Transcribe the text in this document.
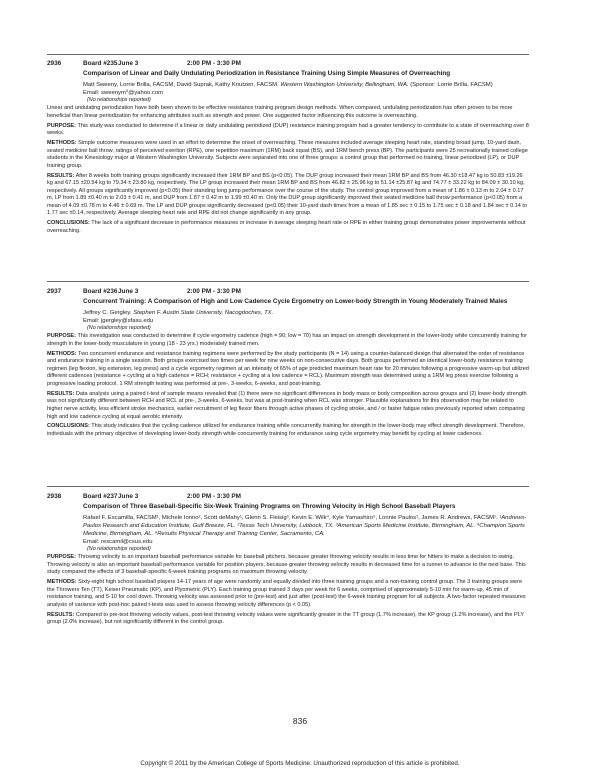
2936	Board #235 June 3	2:00 PM - 3:30 PM
Comparison of Linear and Daily Undulating Periodization in Resistance Training Using Simple Measures of Overreaching
Matt Sweeny, Lorrie Brilla, FACSM, David Suprak, Kathy Knutzen, FACSM. Western Washington University, Bellingham, WA. (Sponsor: Lorrie Brilla, FACSM)
Email: sweenym⁰@yahoo.com
(No relationships reported)

Linear and undulating periodization have both been shown to be effective resistance training program design methods. When compared, undulating periodization has often proven to be more beneficial than linear periodization for enhancing attributes such as strength and power. One suggested factor influencing this outcome is overreaching.

PURPOSE: This study was conducted to determine if a linear or daily undulating periodized (DUP) resistance training program had a greater tendency to contribute to a state of overreaching over 8 weeks.

METHODS: Simple outcome measures were used in an effort to determine the onset of overreaching. These measures included average sleeping heart rate, standing broad jump, 10-yard dash, seated medicine ball throw, ratings of perceived exertion (RPE), one repetition maximum (1RM) back squat (BS), and 1RM bench press (BP). The participants were 25 recreationally trained college students in the Kinesiology major at Western Washington University. Subjects were separated into one of three groups: a control group that performed no training, linear periodized (LP), or DUP training group.

RESULTS: After 8 weeks both training groups significantly increased their 1RM BP and BS (p<0.05). The DUP group increased their mean 1RM BP and BS from 46.30 ±18.47 kg to 50.83 ±19.26 kg and 67.15 ±20.54 kg to 79.34 ± 23.80 kg, respectively. The LP group increased their mean 1RM BP and BS from 46.82 ± 25.96 kg to 51.14 ±25.87 kg and 74.77 ± 33.22 kg to 84.09 ± 30.10 kg, respectively. All groups significantly improved (p<0.05) their standing long jump performance over the course of the study. The control group improved from a mean of 1.86 ± 0.13 m to 2.04 ± 0.17 m, LP from 1.89 ±0.40 m to 2.03 ± 0.41 m, and DUP from 1.87 ± 0.42 m to 1.99 ±0.40 m. Only the DUP group significantly improved their seated medicine ball throw performance (p<0.05) from a mean of 4.09 ±0.78 m to 4.46 ± 0.69 m. The LP and DUP groups significantly decreased (p<0.05) their 10-yard dash times from a mean of 1.85 sec ± 0.15 to 1.75 sec ± 0.18 and 1.84 sec ± 0.14 to 1.77 sec ±0.14, respectively. Average sleeping heart rate and RPE did not change significantly in any group.

CONCLUSIONS: The lack of a significant decrease in performance measures or increase in average sleeping heart rate or RPE in either training group demonstrates power improvements without overreaching.

2937	Board #236 June 3	2:00 PM - 3:30 PM
Concurrent Training: A Comparison of High and Low Cadence Cycle Ergometry on Lower-body Strength in Young Moderately Trained Males
Jeffrey C. Gergley. Stephen F. Austin State University, Nacogdoches, TX.
Email: jgergley@sfasu.edu
(No relationships reported)

PURPOSE: This investigation was conducted to determine if cycle ergometry cadence (high = 90; low = 70) has an impact on strength development in the lower-body while concurrently training for strength in the lower-body musculature in young (18 - 23 yrs.) moderately trained men.

METHODS: Two concurrent endurance and resistance training regimens were performed by the study participants (N = 14) using a counter-balanced design that alternated the order of resistance and endurance training in a single session. Both groups exercised two times per week for nine weeks on non-consecutive days. Both groups performed an identical lower-body resistance training regimen (leg flexion, leg extension, leg press) and a cycle ergometry regimen at an intensity of 65% of age predicted maximum heart rate for 20 minutes following a progressive warm-up but utilized different cadences (resistance + cycling at a high cadence = RCH; resistance + cycling at a low cadence = RCL). Maximum strength was determined using a 1RM leg press exercise following a progressive loading protocol. 1 RM strength testing was performed at pre-, 3-weeks, 6-weeks, and post-training.

RESULTS: Data analysis using a paired t-test of sample means revealed that (1) there were no significant differences in body mass or body composition across groups and (2) lower-body strength was not significantly different between RCH and RCL at pre-, 3-weeks, 6-weeks, but was at post-training when RCL was stronger. Plausible explanations for this observation may be related to higher nerve activity, less efficient stroke mechanics, earlier recruitment of leg flexor fibers through active phases of cycling stroke, and / or faster fatigue rates previously reported when comparing high and low cadence cycling at equal aerobic intensity.

CONCLUSIONS: This study indicates that the cycling cadence utilized for endurance training while concurrently training for strength in the lower-body may effect strength development. Therefore, individuals with the primary objective of developing lower-body strength while concurrently training for endurance using cycle ergometry may benefit by cycling at lower cadences.

2938	Board #237 June 3	2:00 PM - 3:30 PM
Comparison of Three Baseball-Specific Six-Week Training Programs on Throwing Velocity in High School Baseball Players
Rafael F. Escamilla, FACSM¹, Michele Ionno², Scott deMahy¹, Glenn S. Fleisig³, Kevin E. Wilk⁴, Kyle Yamashiro⁵, Lonnie Paulos¹, James R. Andrews, FACSM¹. ¹Andrews-Paulos Research and Education Institute, Gulf Breeze, FL. ²Texas Tech University, Lubbock, TX. ³American Sports Medicine Institute, Birmingham, AL. ⁴Champion Sports Medicine, Birmingham, AL. ⁵Results Physical Therapy and Training Center, Sacramento, CA.
Email: rescamil@csus.edu
(No relationships reported)

PURPOSE: Throwing velocity is an important baseball performance variable for baseball pitchers, because greater throwing velocity results in less time for hitters to make a decision to swing. Throwing velocity is also an important baseball performance variable for position players, because greater throwing velocity results in decreased time for a runner to advance to the next base. This study compared the effects of 3 baseball-specific 6-week training programs on maximum throwing velocity.

METHODS: Sixty-eight high school baseball players 14-17 years of age were randomly and equally divided into three training groups and a non-training control group. The 3 training groups were the Throwers Ten (TT), Keiser Pneumatic (KP), and Plyometric (PLY). Each training group trained 3 days per week for 6 weeks, comprised of approximately 5-10 min for warm-up, 45 min of resistance training, and 5-10 for cool down. Throwing velocity was assessed prior to (pre-test) and just after (post-test) the 6-week training program for all subjects. A two-factor repeated measures analysis of variance with post-hoc paired t-tests was used to assess throwing velocity differences (p < 0.05).

RESULTS: Compared to pre-test throwing velocity values, post-test throwing velocity values were significantly greater in the TT group (1.7% increase), the KP group (1.2% increase), and the PLY group (2.0% increase), but not significantly different in the control group.

836
Copyright © 2011 by the American College of Sports Medicine. Unauthorized reproduction of this article is prohibited.
